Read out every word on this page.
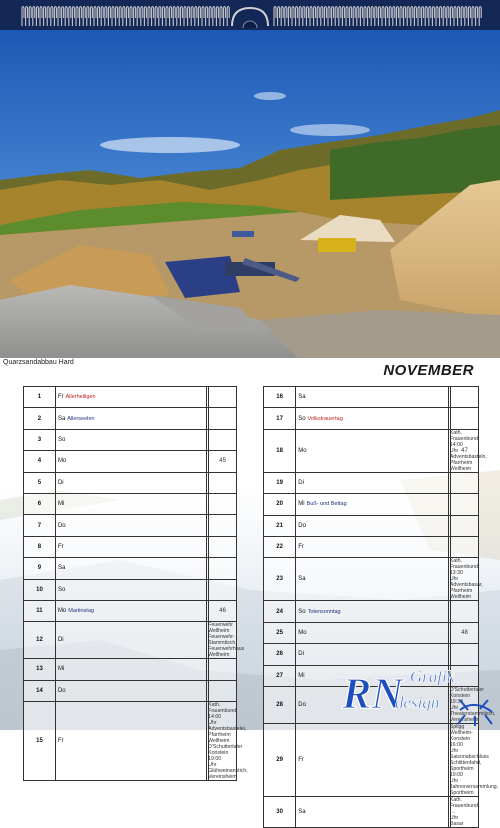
Quarzsandabbau Hard	NOVEMBER
1	Fr Allerheiligen		
2	Sa Allerseelen		
3	So		
4	Mo		45
5	Di		
6	Mi		
7	Do		
8	Fr		
9	Sa		
10	So		
11	Mo Martinstag		46
12	Di	Feuerwehr Wellheim Feuerwehr-
Stammtisch, Feuerwehrhaus Wellheim	

13	Mi		
14	Do		
15	Fr	Kath. Frauenbund 14:00 Uhr Adventsbastelei,
Pfarrheim Wellheim D'Schuttertaler Konstein
19:00 Uhr Glühweinanstich, Vereinsheim	

16	Sa		
17	So Volkstrauertag		
18	Mo	Kath. Frauenbund 14:00 Uhr
Adventsbasteln, Pfarrheim Wellheim	47
19	Di		
20	Mi Buß- und Bettag		
21	Do		
22	Fr		
23	Sa	Kath. Frauenbund 13:30 Uhr
Adventsbasar, Pfarrheim Wellheim	

24	So Totensonntag		
25	Mo		48
26	Di		
27	Mi		
28	Do	D'Schuttertaler Konstein
19:30 Uhr Theaterstammtisch, Vereinsheim	

29	Fr	Spligg Wellheim-Konstein
16:00 Uhr Saisonabschluss Schlittenfahrt, Sportheim
19:00 Uhr Jahresversammlung, Sportheim	

30	Sa	Kath. Frauenbund … Uhr Basar	

RN Grafik
design
